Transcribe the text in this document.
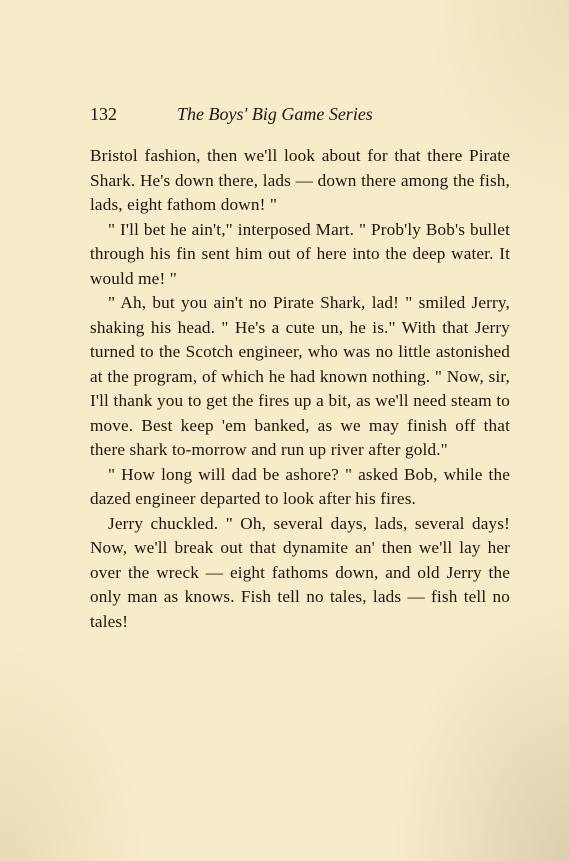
132	The Boys' Big Game Series

Bristol fashion, then we'll look about for that there Pirate Shark. He's down there, lads — down there among the fish, lads, eight fathom down! "

" I'll bet he ain't," interposed Mart. " Prob'ly Bob's bullet through his fin sent him out of here into the deep water. It would me! "

" Ah, but you ain't no Pirate Shark, lad! " smiled Jerry, shaking his head. " He's a cute un, he is." With that Jerry turned to the Scotch engineer, who was no little astonished at the program, of which he had known nothing. " Now, sir, I'll thank you to get the fires up a bit, as we'll need steam to move. Best keep 'em banked, as we may finish off that there shark to-morrow and run up river after gold."

" How long will dad be ashore? " asked Bob, while the dazed engineer departed to look after his fires.

Jerry chuckled. " Oh, several days, lads, several days! Now, we'll break out that dynamite an' then we'll lay her over the wreck — eight fathoms down, and old Jerry the only man as knows. Fish tell no tales, lads — fish tell no tales!
